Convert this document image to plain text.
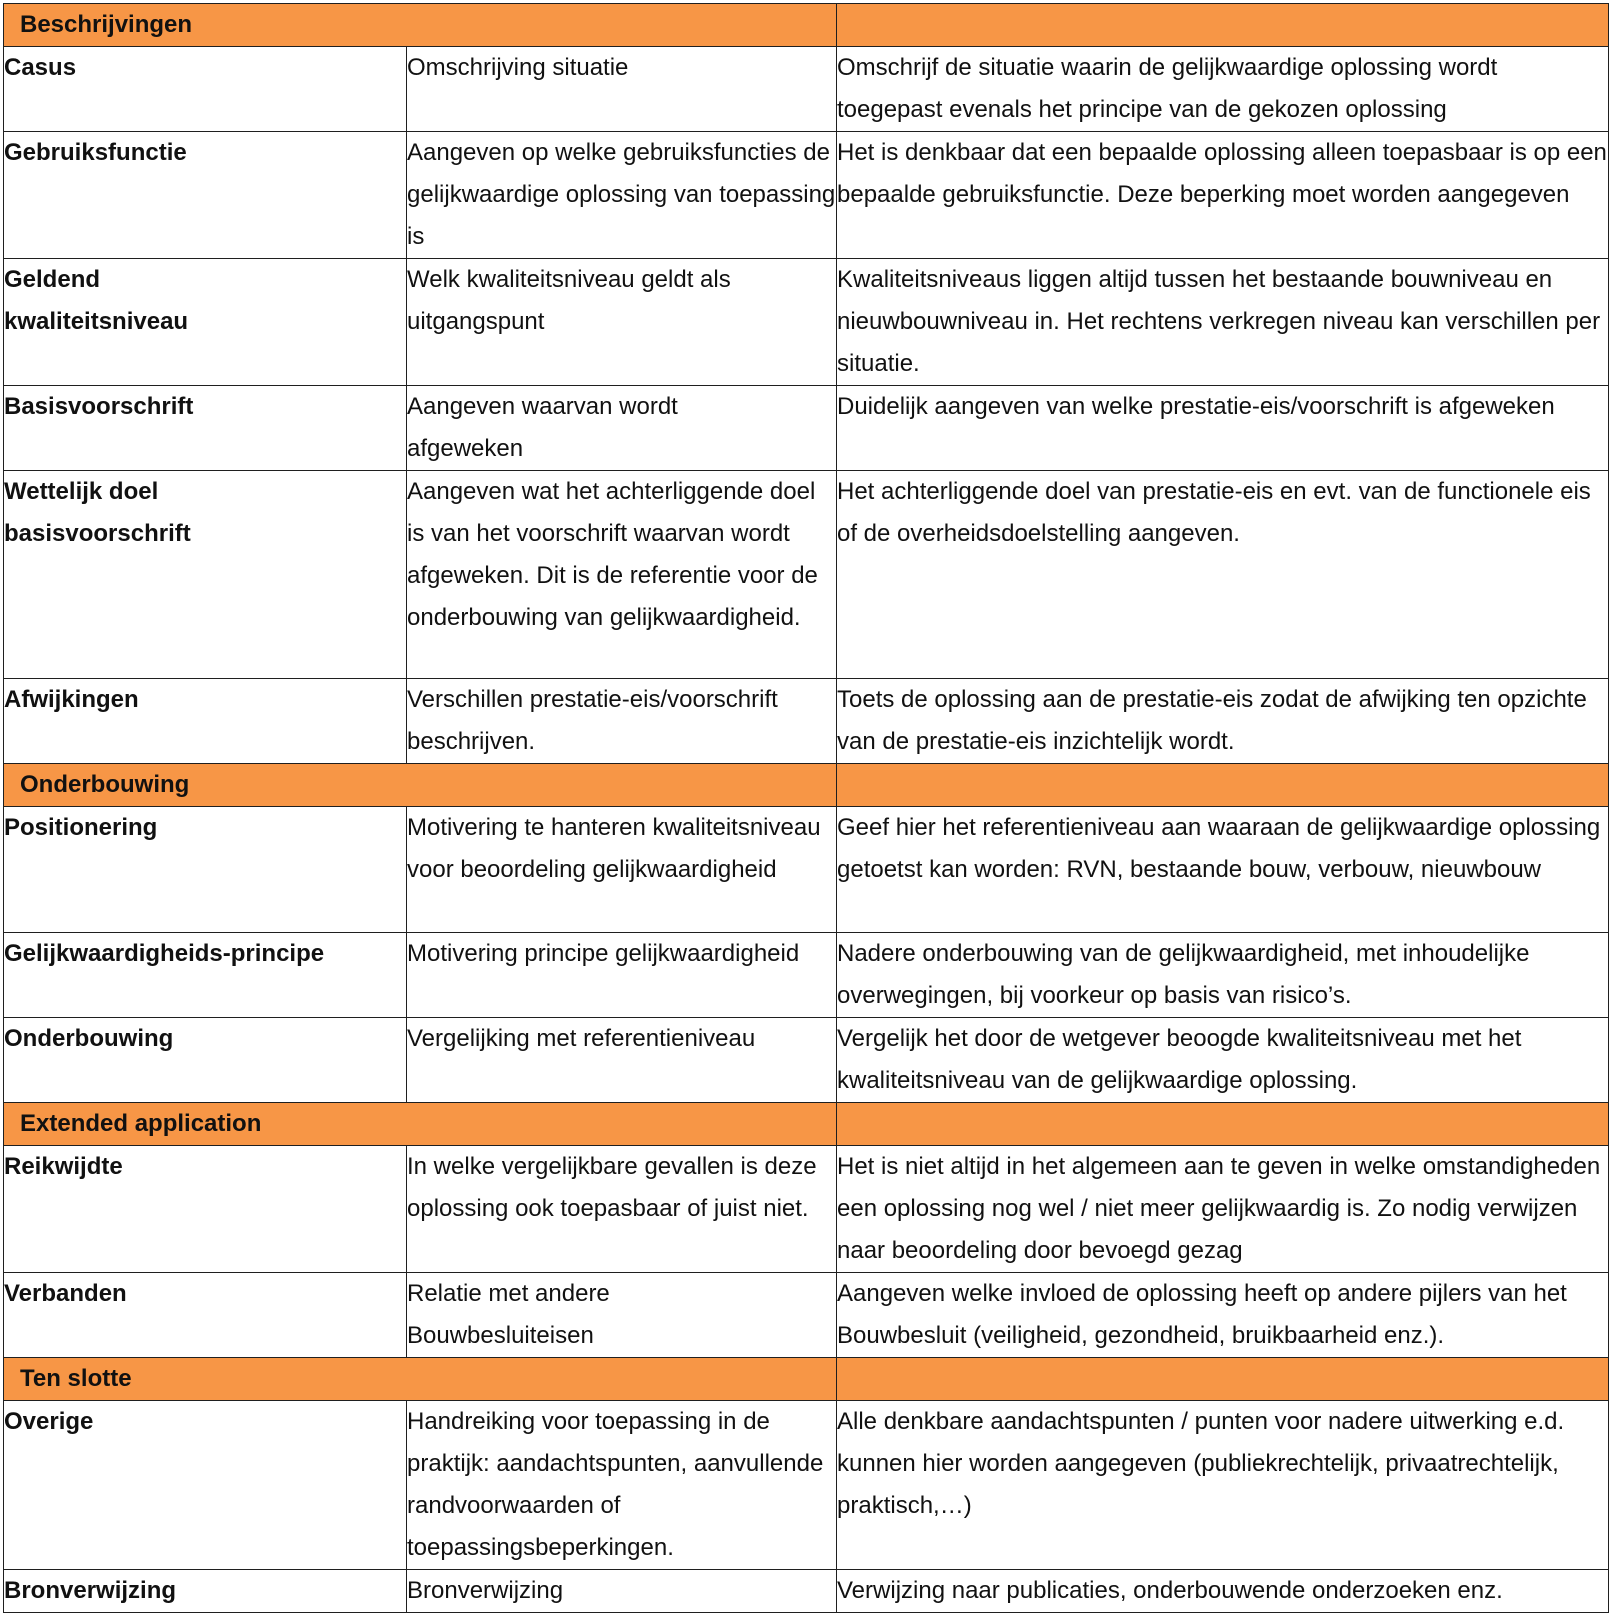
Beschrijvingen		
Casus	Omschrijving situatie	Omschrijf de situatie waarin de gelijkwaardige oplossing wordt toegepast evenals het principe van de gekozen oplossing
Gebruiksfunctie	Aangeven op welke gebruiksfuncties de gelijkwaardige oplossing van toepassing is	Het is denkbaar dat een bepaalde oplossing alleen toepasbaar is op een bepaalde gebruiksfunctie. Deze beperking moet worden aangegeven
Geldend kwaliteitsniveau	Welk kwaliteitsniveau geldt als uitgangspunt	Kwaliteitsniveaus liggen altijd tussen het bestaande bouwniveau en nieuwbouwniveau in. Het rechtens verkregen niveau kan verschillen per situatie.
Basisvoorschrift	Aangeven waarvan wordt afgeweken	Duidelijk aangeven van welke prestatie-eis/voorschrift is afgeweken
Wettelijk doel basisvoorschrift	Aangeven wat het achterliggende doel is van het voorschrift waarvan wordt afgeweken. Dit is de referentie voor de onderbouwing van gelijkwaardigheid.	Het achterliggende doel van prestatie-eis en evt. van de functionele eis of de overheidsdoelstelling aangeven.
Afwijkingen	Verschillen prestatie-eis/voorschrift beschrijven.	Toets de oplossing aan de prestatie-eis zodat de afwijking ten opzichte van de prestatie-eis inzichtelijk wordt.
Onderbouwing		
Positionering	Motivering te hanteren kwaliteitsniveau voor beoordeling gelijkwaardigheid	Geef hier het referentieniveau aan waaraan de gelijkwaardige oplossing getoetst kan worden: RVN, bestaande bouw, verbouw, nieuwbouw
Gelijkwaardigheids-principe	Motivering principe gelijkwaardigheid	Nadere onderbouwing van de gelijkwaardigheid, met inhoudelijke overwegingen, bij voorkeur op basis van risico’s.
Onderbouwing	Vergelijking met referentieniveau	Vergelijk het door de wetgever beoogde kwaliteitsniveau met het kwaliteitsniveau van de gelijkwaardige oplossing.
Extended application		
Reikwijdte	In welke vergelijkbare gevallen is deze oplossing ook toepasbaar of juist niet.	Het is niet altijd in het algemeen aan te geven in welke omstandigheden een oplossing nog wel / niet meer gelijkwaardig is. Zo nodig verwijzen naar beoordeling door bevoegd gezag
Verbanden	Relatie met andere Bouwbesluiteisen	Aangeven welke invloed de oplossing heeft op andere pijlers van het Bouwbesluit (veiligheid, gezondheid, bruikbaarheid enz.).
Ten slotte		
Overige	Handreiking voor toepassing in de praktijk: aandachtspunten, aanvullende randvoorwaarden of toepassingsbeperkingen.	Alle denkbare aandachtspunten / punten voor nadere uitwerking e.d. kunnen hier worden aangegeven (publiekrechtelijk, privaatrechtelijk, praktisch,…)
Bronverwijzing	Bronverwijzing	Verwijzing naar publicaties, onderbouwende onderzoeken enz.
